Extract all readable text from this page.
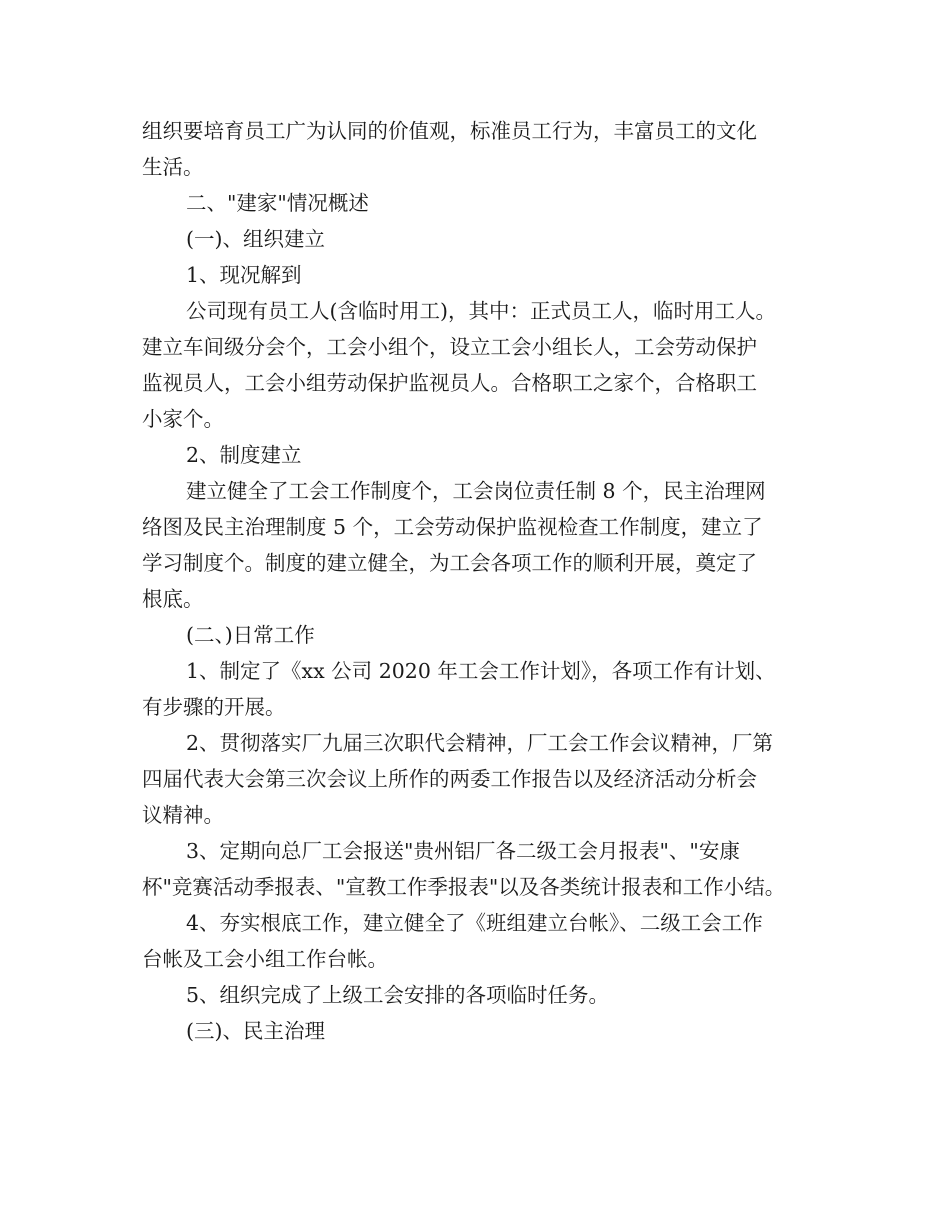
组织要培育员工广为认同的价值观，标准员工行为，丰富员工的文化
生活。
二、"建家"情况概述
(一)、组织建立
1、现况解到
公司现有员工人(含临时用工)，其中：正式员工人，临时用工人。
建立车间级分会个，工会小组个，设立工会小组长人，工会劳动保护
监视员人，工会小组劳动保护监视员人。合格职工之家个，合格职工
小家个。
2、制度建立
建立健全了工会工作制度个，工会岗位责任制 8 个，民主治理网
络图及民主治理制度 5 个，工会劳动保护监视检查工作制度，建立了
学习制度个。制度的建立健全，为工会各项工作的顺利开展，奠定了
根底。
(二、)日常工作
1、制定了《xx 公司 2020 年工会工作计划》，各项工作有计划、
有步骤的开展。
2、贯彻落实厂九届三次职代会精神，厂工会工作会议精神，厂第
四届代表大会第三次会议上所作的两委工作报告以及经济活动分析会
议精神。
3、定期向总厂工会报送"贵州铝厂各二级工会月报表"、"安康
杯"竞赛活动季报表、"宣教工作季报表"以及各类统计报表和工作小结。
4、夯实根底工作，建立健全了《班组建立台帐》、二级工会工作
台帐及工会小组工作台帐。
5、组织完成了上级工会安排的各项临时任务。
(三)、民主治理
